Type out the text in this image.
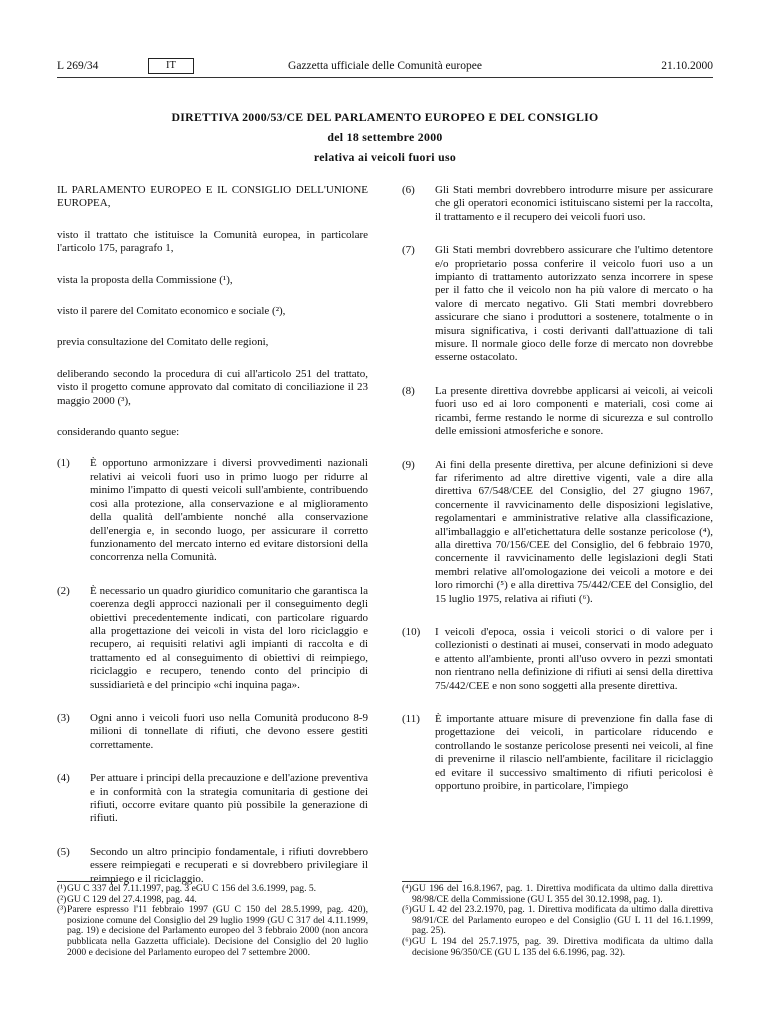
L 269/34	IT	Gazzetta ufficiale delle Comunità europee	21.10.2000
DIRETTIVA 2000/53/CE DEL PARLAMENTO EUROPEO E DEL CONSIGLIO
del 18 settembre 2000
relativa ai veicoli fuori uso

IL PARLAMENTO EUROPEO E IL CONSIGLIO DELL'UNIONE EUROPEA,

visto il trattato che istituisce la Comunità europea, in particolare l'articolo 175, paragrafo 1,

vista la proposta della Commissione (¹),

visto il parere del Comitato economico e sociale (²),

previa consultazione del Comitato delle regioni,

deliberando secondo la procedura di cui all'articolo 251 del trattato, visto il progetto comune approvato dal comitato di conciliazione il 23 maggio 2000 (³),

considerando quanto segue:

(1)	È opportuno armonizzare i diversi provvedimenti nazionali relativi ai veicoli fuori uso in primo luogo per ridurre al minimo l'impatto di questi veicoli sull'ambiente, contribuendo così alla protezione, alla conservazione e al miglioramento della qualità dell'ambiente nonché alla conservazione dell'energia e, in secondo luogo, per assicurare il corretto funzionamento del mercato interno ed evitare distorsioni della concorrenza nella Comunità.
(2)	È necessario un quadro giuridico comunitario che garantisca la coerenza degli approcci nazionali per il conseguimento degli obiettivi precedentemente indicati, con particolare riguardo alla progettazione dei veicoli in vista del loro riciclaggio e recupero, ai requisiti relativi agli impianti di raccolta e di trattamento ed al conseguimento di obiettivi di reimpiego, riciclaggio e recupero, tenendo conto del principio di sussidiarietà e del principio «chi inquina paga».
(3)	Ogni anno i veicoli fuori uso nella Comunità producono 8-9 milioni di tonnellate di rifiuti, che devono essere gestiti correttamente.
(4)	Per attuare i principi della precauzione e dell'azione preventiva e in conformità con la strategia comunitaria di gestione dei rifiuti, occorre evitare quanto più possibile la generazione di rifiuti.
(5)	Secondo un altro principio fondamentale, i rifiuti dovrebbero essere reimpiegati e recuperati e si dovrebbero privilegiare il reimpiego e il riciclaggio.
(6)	Gli Stati membri dovrebbero introdurre misure per assicurare che gli operatori economici istituiscano sistemi per la raccolta, il trattamento e il recupero dei veicoli fuori uso.
(7)	Gli Stati membri dovrebbero assicurare che l'ultimo detentore e/o proprietario possa conferire il veicolo fuori uso a un impianto di trattamento autorizzato senza incorrere in spese per il fatto che il veicolo non ha più valore di mercato o ha valore di mercato negativo. Gli Stati membri dovrebbero assicurare che siano i produttori a sostenere, totalmente o in misura significativa, i costi derivanti dall'attuazione di tali misure. Il normale gioco delle forze di mercato non dovrebbe esserne ostacolato.
(8)	La presente direttiva dovrebbe applicarsi ai veicoli, ai veicoli fuori uso ed ai loro componenti e materiali, così come ai ricambi, ferme restando le norme di sicurezza e sul controllo delle emissioni atmosferiche e sonore.
(9)	Ai fini della presente direttiva, per alcune definizioni si deve far riferimento ad altre direttive vigenti, vale a dire alla direttiva 67/548/CEE del Consiglio, del 27 giugno 1967, concernente il ravvicinamento delle disposizioni legislative, regolamentari e amministrative relative alla classificazione, all'imballaggio e all'etichettatura delle sostanze pericolose (⁴), alla direttiva 70/156/CEE del Consiglio, del 6 febbraio 1970, concernente il ravvicinamento delle legislazioni degli Stati membri relative all'omologazione dei veicoli a motore e dei loro rimorchi (⁵) e alla direttiva 75/442/CEE del Consiglio, del 15 luglio 1975, relativa ai rifiuti (⁶).
(10)	I veicoli d'epoca, ossia i veicoli storici o di valore per i collezionisti o destinati ai musei, conservati in modo adeguato e attento all'ambiente, pronti all'uso ovvero in pezzi smontati non rientrano nella definizione di rifiuti ai sensi della direttiva 75/442/CEE e non sono soggetti alla presente direttiva.
(11)	È importante attuare misure di prevenzione fin dalla fase di progettazione dei veicoli, in particolare riducendo e controllando le sostanze pericolose presenti nei veicoli, al fine di prevenirne il rilascio nell'ambiente, facilitare il riciclaggio ed evitare il successivo smaltimento di rifiuti pericolosi è opportuno proibire, in particolare, l'impiego
(¹) GU C 337 del 7.11.1997, pag. 3 eGU C 156 del 3.6.1999, pag. 5.
(²) GU C 129 del 27.4.1998, pag. 44.
(³) Parere espresso l'11 febbraio 1997 (GU C 150 del 28.5.1999, pag. 420), posizione comune del Consiglio del 29 luglio 1999 (GU C 317 del 4.11.1999, pag. 19) e decisione del Parlamento europeo del 3 febbraio 2000 (non ancora pubblicata nella Gazzetta ufficiale). Decisione del Consiglio del 20 luglio 2000 e decisione del Parlamento europeo del 7 settembre 2000.
(⁴) GU 196 del 16.8.1967, pag. 1. Direttiva modificata da ultimo dalla direttiva 98/98/CE della Commissione (GU L 355 del 30.12.1998, pag. 1).
(⁵) GU L 42 del 23.2.1970, pag. 1. Direttiva modificata da ultimo dalla direttiva 98/91/CE del Parlamento europeo e del Consiglio (GU L 11 del 16.1.1999, pag. 25).
(⁶) GU L 194 del 25.7.1975, pag. 39. Direttiva modificata da ultimo dalla decisione 96/350/CE (GU L 135 del 6.6.1996, pag. 32).
